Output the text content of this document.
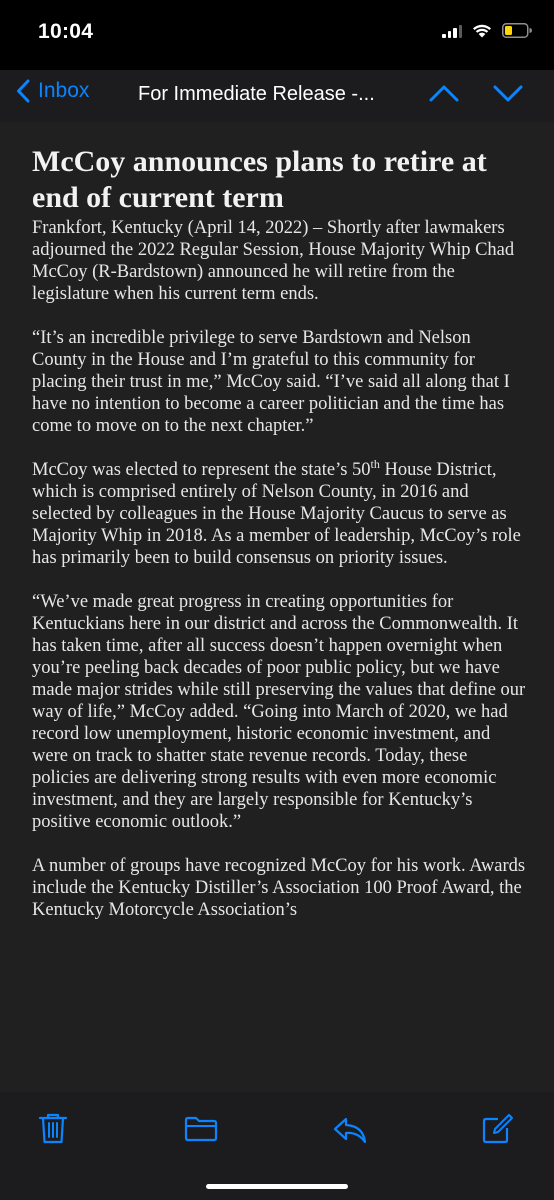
10:04
Inbox For Immediate Release -...
McCoy announces plans to retire at end of current term

Frankfort, Kentucky (April 14, 2022) – Shortly after lawmakers adjourned the 2022 Regular Session, House Majority Whip Chad McCoy (R-Bardstown) announced he will retire from the legislature when his current term ends.

“It’s an incredible privilege to serve Bardstown and Nelson County in the House and I’m grateful to this community for placing their trust in me,” McCoy said. “I’ve said all along that I have no intention to become a career politician and the time has come to move on to the next chapter.”

McCoy was elected to represent the state’s 50th House District, which is comprised entirely of Nelson County, in 2016 and selected by colleagues in the House Majority Caucus to serve as Majority Whip in 2018. As a member of leadership, McCoy’s role has primarily been to build consensus on priority issues.

“We’ve made great progress in creating opportunities for Kentuckians here in our district and across the Commonwealth. It has taken time, after all success doesn’t happen overnight when you’re peeling back decades of poor public policy, but we have made major strides while still preserving the values that define our way of life,” McCoy added. “Going into March of 2020, we had record low unemployment, historic economic investment, and were on track to shatter state revenue records. Today, these policies are delivering strong results with even more economic investment, and they are largely responsible for Kentucky’s positive economic outlook.”

A number of groups have recognized McCoy for his work. Awards include the Kentucky Distiller’s Association 100 Proof Award, the Kentucky Motorcycle Association’s
